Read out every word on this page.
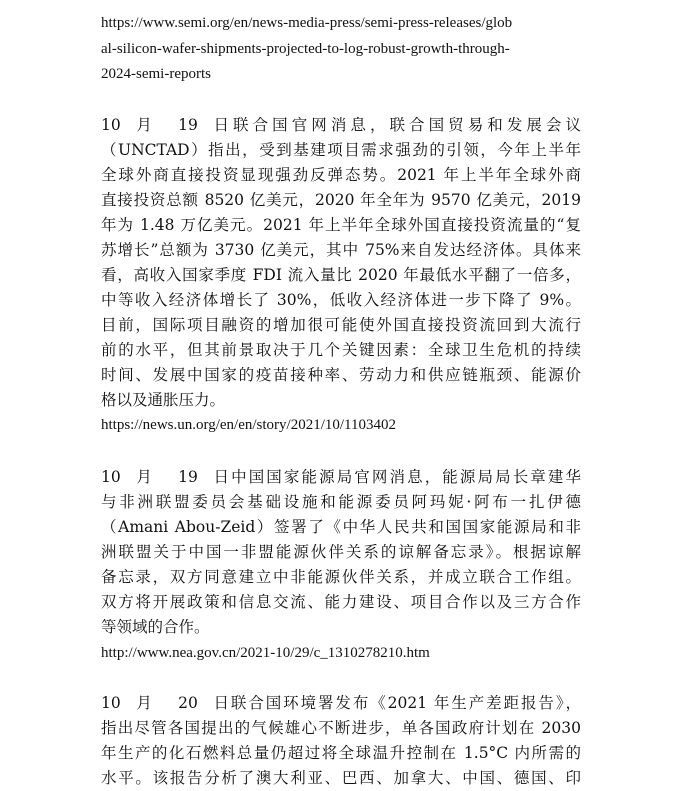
https://www.semi.org/en/news-media-press/semi-press-releases/glob
al-silicon-wafer-shipments-projected-to-log-robust-growth-through-
2024-semi-reports
10 月 19 日联合国官网消息，联合国贸易和发展会议
（UNCTAD）指出，受到基建项目需求强劲的引领，今年上半年
全球外商直接投资显现强劲反弹态势。2021 年上半年全球外商
直接投资总额 8520 亿美元，2020 年全年为 9570 亿美元，2019
年为 1.48 万亿美元。2021 年上半年全球外国直接投资流量的“复
苏增长”总额为 3730 亿美元，其中 75%来自发达经济体。具体来
看，高收入国家季度 FDI 流入量比 2020 年最低水平翻了一倍多，
中等收入经济体增长了 30%，低收入经济体进一步下降了 9%。
目前，国际项目融资的增加很可能使外国直接投资流回到大流行
前的水平，但其前景取决于几个关键因素：全球卫生危机的持续
时间、发展中国家的疫苗接种率、劳动力和供应链瓶颈、能源价
格以及通胀压力。
https://news.un.org/en/en/story/2021/10/1103402
10 月 19 日中国国家能源局官网消息，能源局局长章建华
与非洲联盟委员会基础设施和能源委员阿玛妮·阿布一扎伊德
（Amani Abou-Zeid）签署了《中华人民共和国国家能源局和非
洲联盟关于中国一非盟能源伙伴关系的谅解备忘录》。根据谅解
备忘录，双方同意建立中非能源伙伴关系，并成立联合工作组。
双方将开展政策和信息交流、能力建设、项目合作以及三方合作
等领域的合作。
http://www.nea.gov.cn/2021-10/29/c_1310278210.htm
10 月 20 日联合国环境署发布《2021 年生产差距报告》，
指出尽管各国提出的气候雄心不断进步，单各国政府计划在 2030
年生产的化石燃料总量仍超过将全球温升控制在 1.5°C 内所需的
水平。该报告分析了澳大利亚、巴西、加拿大、中国、德国、印
